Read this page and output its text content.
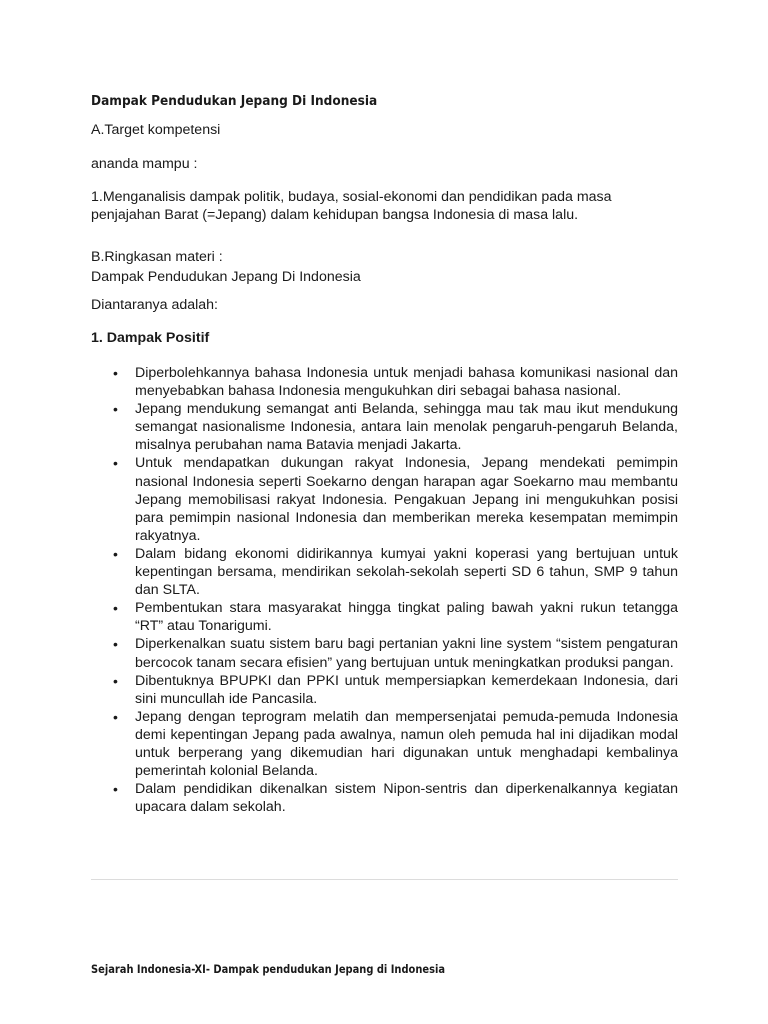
Dampak Pendudukan Jepang Di Indonesia
A.Target kompetensi
ananda mampu :
1.Menganalisis dampak politik, budaya, sosial-ekonomi dan pendidikan pada masa penjajahan Barat (=Jepang) dalam kehidupan bangsa Indonesia di masa lalu.
B.Ringkasan materi :
Dampak Pendudukan Jepang Di Indonesia
Diantaranya adalah:
1. Dampak Positif
• Diperbolehkannya bahasa Indonesia untuk menjadi bahasa komunikasi nasional dan menyebabkan bahasa Indonesia mengukuhkan diri sebagai bahasa nasional.
• Jepang mendukung semangat anti Belanda, sehingga mau tak mau ikut mendukung semangat nasionalisme Indonesia, antara lain menolak pengaruh-pengaruh Belanda, misalnya perubahan nama Batavia menjadi Jakarta.
• Untuk mendapatkan dukungan rakyat Indonesia, Jepang mendekati pemimpin nasional Indonesia seperti Soekarno dengan harapan agar Soekarno mau membantu Jepang memobilisasi rakyat Indonesia. Pengakuan Jepang ini mengukuhkan posisi para pemimpin nasional Indonesia dan memberikan mereka kesempatan memimpin rakyatnya.
• Dalam bidang ekonomi didirikannya kumyai yakni koperasi yang bertujuan untuk kepentingan bersama, mendirikan sekolah-sekolah seperti SD 6 tahun, SMP 9 tahun dan SLTA.
• Pembentukan stara masyarakat hingga tingkat paling bawah yakni rukun tetangga “RT” atau Tonarigumi.
• Diperkenalkan suatu sistem baru bagi pertanian yakni line system “sistem pengaturan bercocok tanam secara efisien” yang bertujuan untuk meningkatkan produksi pangan.
• Dibentuknya BPUPKI dan PPKI untuk mempersiapkan kemerdekaan Indonesia, dari sini muncullah ide Pancasila.
• Jepang dengan teprogram melatih dan mempersenjatai pemuda-pemuda Indonesia demi kepentingan Jepang pada awalnya, namun oleh pemuda hal ini dijadikan modal untuk berperang yang dikemudian hari digunakan untuk menghadapi kembalinya pemerintah kolonial Belanda.
• Dalam pendidikan dikenalkan sistem Nipon-sentris dan diperkenalkannya kegiatan upacara dalam sekolah.
Sejarah Indonesia-XI- Dampak pendudukan Jepang di Indonesia
